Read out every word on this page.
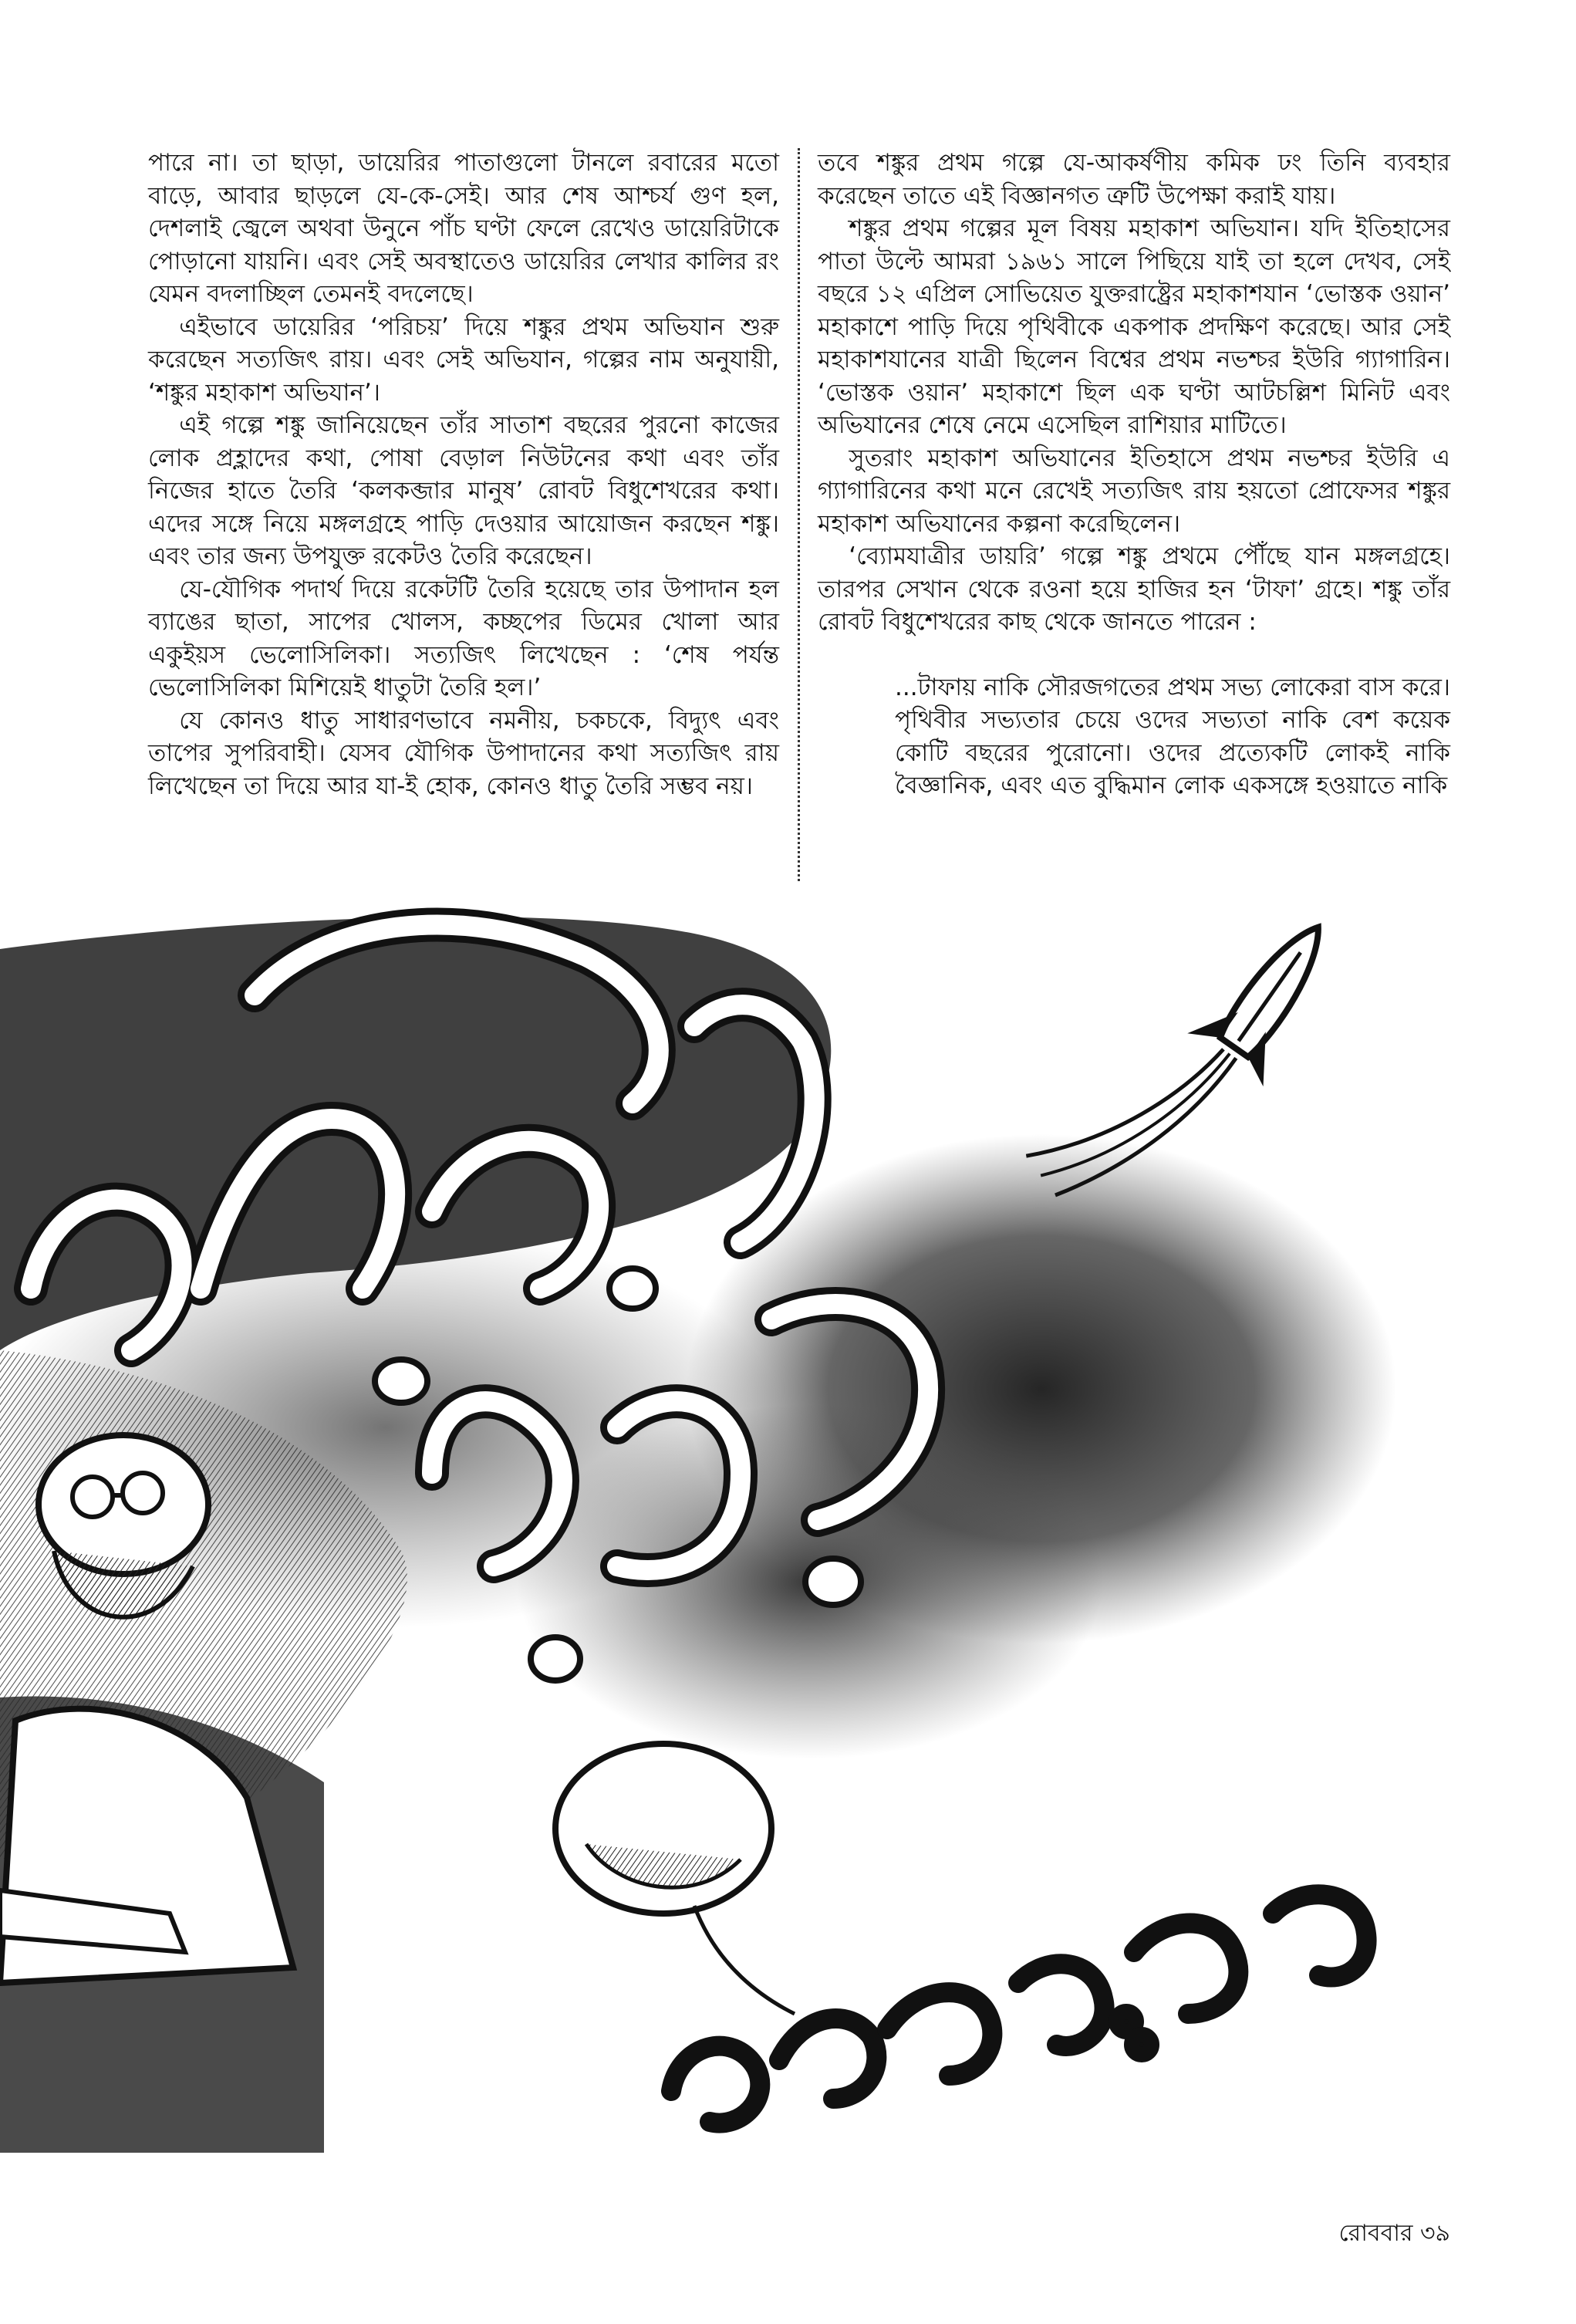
পারে না। তা ছাড়া, ডায়েরির পাতাগুলো টানলে রবারের মতো বাড়ে, আবার ছাড়লে যে-কে-সেই। আর শেষ আশ্চর্য গুণ হল, দেশলাই জ্বেলে অথবা উনুনে পাঁচ ঘণ্টা ফেলে রেখেও ডায়েরিটাকে পোড়ানো যায়নি। এবং সেই অবস্থাতেও ডায়েরির লেখার কালির রং যেমন বদলাচ্ছিল তেমনই বদলেছে।

এইভাবে ডায়েরির ‘পরিচয়’ দিয়ে শঙ্কুর প্রথম অভিযান শুরু করেছেন সত্যজিৎ রায়। এবং সেই অভিযান, গল্পের নাম অনুযায়ী, ‘শঙ্কুর মহাকাশ অভিযান’।

এই গল্পে শঙ্কু জানিয়েছেন তাঁর সাতাশ বছরের পুরনো কাজের লোক প্রহ্লাদের কথা, পোষা বেড়াল নিউটনের কথা এবং তাঁর নিজের হাতে তৈরি ‘কলকব্জার মানুষ’ রোবট বিধুশেখরের কথা। এদের সঙ্গে নিয়ে মঙ্গলগ্রহে পাড়ি দেওয়ার আয়োজন করছেন শঙ্কু। এবং তার জন্য উপযুক্ত রকেটও তৈরি করেছেন।

যে-যৌগিক পদার্থ দিয়ে রকেটটি তৈরি হয়েছে তার উপাদান হল ব্যাঙের ছাতা, সাপের খোলস, কচ্ছপের ডিমের খোলা আর একুইয়স ভেলোসিলিকা। সত্যজিৎ লিখেছেন : ‘শেষ পর্যন্ত ভেলোসিলিকা মিশিয়েই ধাতুটা তৈরি হল।’

যে কোনও ধাতু সাধারণভাবে নমনীয়, চকচকে, বিদ্যুৎ এবং তাপের সুপরিবাহী। যেসব যৌগিক উপাদানের কথা সত্যজিৎ রায় লিখেছেন তা দিয়ে আর যা-ই হোক, কোনও ধাতু তৈরি সম্ভব নয়।

তবে শঙ্কুর প্রথম গল্পে যে-আকর্ষণীয় কমিক ঢং তিনি ব্যবহার করেছেন তাতে এই বিজ্ঞানগত ত্রুটি উপেক্ষা করাই যায়।

শঙ্কুর প্রথম গল্পের মূল বিষয় মহাকাশ অভিযান। যদি ইতিহাসের পাতা উল্টে আমরা ১৯৬১ সালে পিছিয়ে যাই তা হলে দেখব, সেই বছরে ১২ এপ্রিল সোভিয়েত যুক্তরাষ্ট্রের মহাকাশযান ‘ভোস্তক ওয়ান’ মহাকাশে পাড়ি দিয়ে পৃথিবীকে একপাক প্রদক্ষিণ করেছে। আর সেই মহাকাশযানের যাত্রী ছিলেন বিশ্বের প্রথম নভশ্চর ইউরি গ্যাগারিন। ‘ভোস্তক ওয়ান’ মহাকাশে ছিল এক ঘণ্টা আটচল্লিশ মিনিট এবং অভিযানের শেষে নেমে এসেছিল রাশিয়ার মাটিতে।

সুতরাং মহাকাশ অভিযানের ইতিহাসে প্রথম নভশ্চর ইউরি এ গ্যাগারিনের কথা মনে রেখেই সত্যজিৎ রায় হয়তো প্রোফেসর শঙ্কুর মহাকাশ অভিযানের কল্পনা করেছিলেন।

‘ব্যোমযাত্রীর ডায়রি’ গল্পে শঙ্কু প্রথমে পৌঁছে যান মঙ্গলগ্রহে। তারপর সেখান থেকে রওনা হয়ে হাজির হন ‘টাফা’ গ্রহে। শঙ্কু তাঁর রোবট বিধুশেখরের কাছ থেকে জানতে পারেন :

...টাফায় নাকি সৌরজগতের প্রথম সভ্য লোকেরা বাস করে। পৃথিবীর সভ্যতার চেয়ে ওদের সভ্যতা নাকি বেশ কয়েক কোটি বছরের পুরোনো। ওদের প্রত্যেকটি লোকই নাকি বৈজ্ঞানিক, এবং এত বুদ্ধিমান লোক একসঙ্গে হওয়াতে নাকি

রোববার ৩৯
